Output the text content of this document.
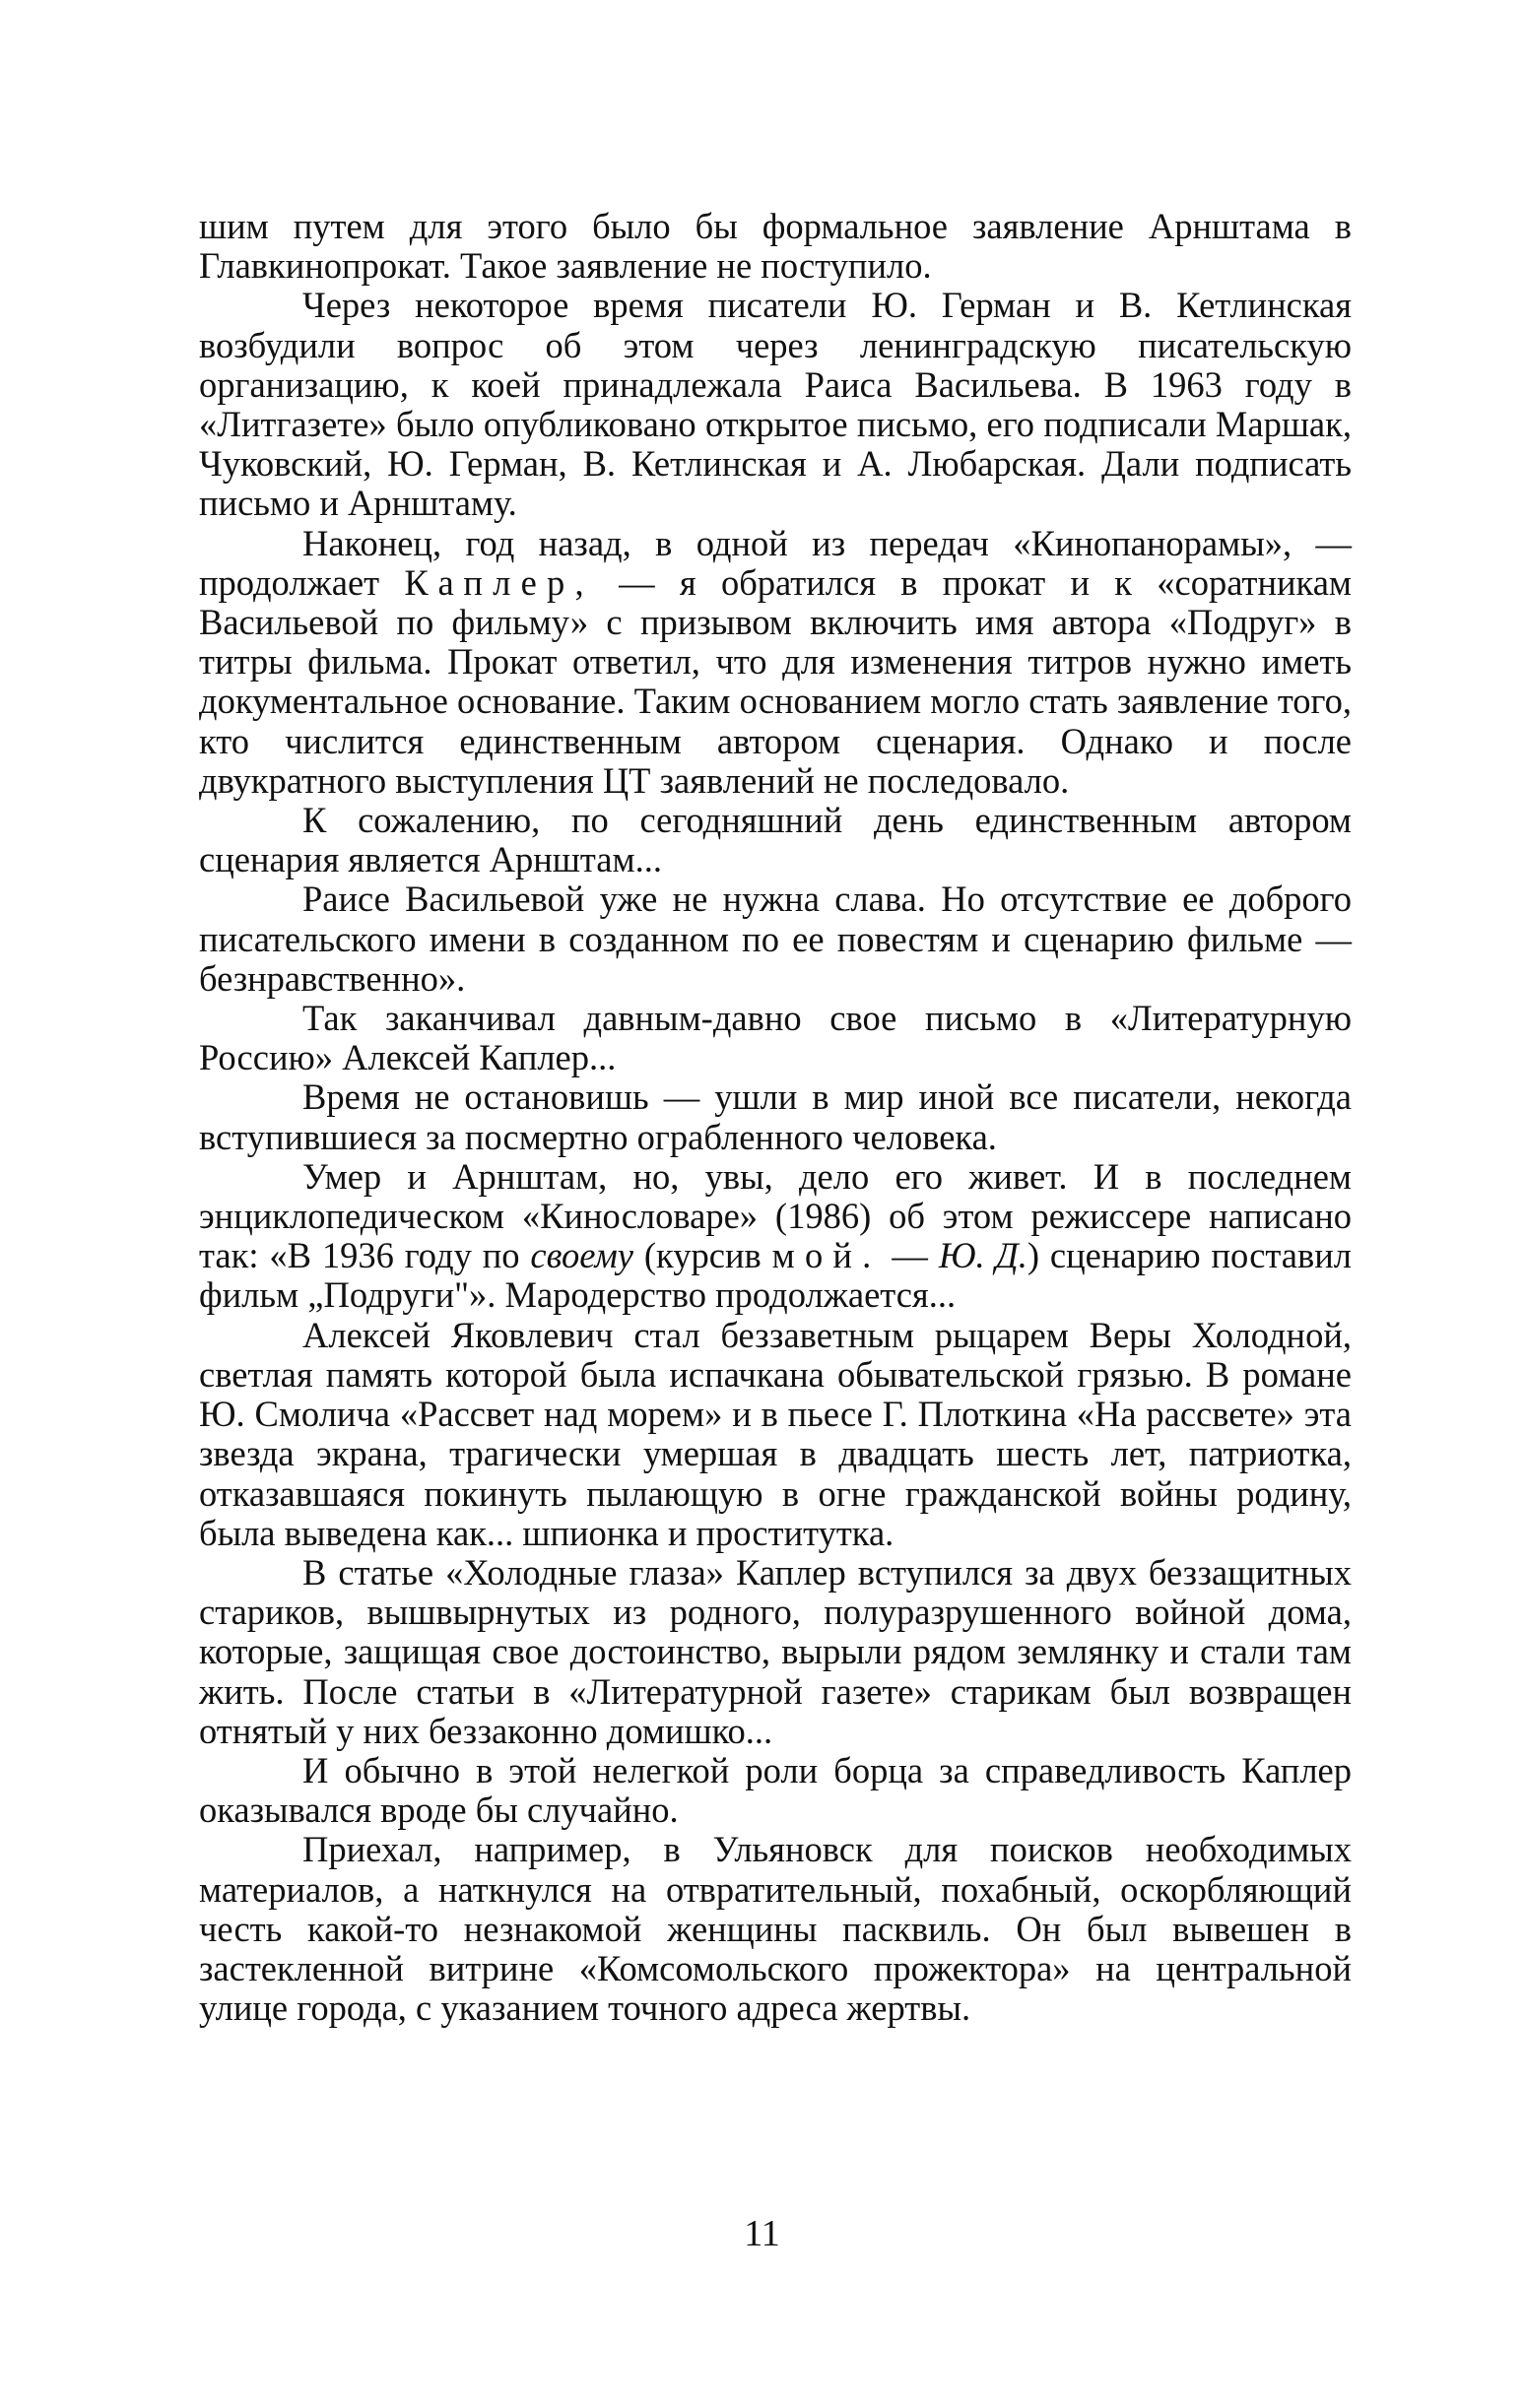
шим путем для этого было бы формальное заявление Арнштама в Главкинопрокат. Такое заявление не поступило.

Через некоторое время писатели Ю. Герман и В. Кетлинская возбудили вопрос об этом через ленинградскую писательскую организацию, к коей принадлежала Раиса Васильева. В 1963 году в «Литгазете» было опубликовано открытое письмо, его подписали Маршак, Чуковский, Ю. Герман, В. Кетлинская и А. Любарская. Дали подписать письмо и Арнштаму.

Наконец, год назад, в одной из передач «Кинопанорамы», — продолжает Каплер, — я обратился в прокат и к «соратникам Васильевой по фильму» с призывом включить имя автора «Подруг» в титры фильма. Прокат ответил, что для изменения титров нужно иметь документальное основание. Таким основанием могло стать заявление того, кто числится единственным автором сценария. Однако и после двукратного выступления ЦТ заявлений не последовало.

К сожалению, по сегодняшний день единственным автором сценария является Арнштам...

Раисе Васильевой уже не нужна слава. Но отсутствие ее доброго писательского имени в созданном по ее повестям и сценарию фильме — безнравственно».

Так заканчивал давным-давно свое письмо в «Литературную Россию» Алексей Каплер...

Время не остановишь — ушли в мир иной все писатели, некогда вступившиеся за посмертно ограбленного человека.

Умер и Арнштам, но, увы, дело его живет. И в последнем энциклопедическом «Кинословаре» (1986) об этом режиссере написано так: «В 1936 году по своему (курсив мой. — Ю. Д.) сценарию поставил фильм „Подруги"». Мародерство продолжается...

Алексей Яковлевич стал беззаветным рыцарем Веры Холодной, светлая память которой была испачкана обывательской грязью. В романе Ю. Смолича «Рассвет над морем» и в пьесе Г. Плоткина «На рассвете» эта звезда экрана, трагически умершая в двадцать шесть лет, патриотка, отказавшаяся покинуть пылающую в огне гражданской войны родину, была выведена как... шпионка и проститутка.

В статье «Холодные глаза» Каплер вступился за двух беззащитных стариков, вышвырнутых из родного, полуразрушенного войной дома, которые, защищая свое достоинство, вырыли рядом землянку и стали там жить. После статьи в «Литературной газете» старикам был возвращен отнятый у них беззаконно домишко...

И обычно в этой нелегкой роли борца за справедливость Каплер оказывался вроде бы случайно.

Приехал, например, в Ульяновск для поисков необходимых материалов, а наткнулся на отвратительный, похабный, оскорбляющий честь какой-то незнакомой женщины пасквиль. Он был вывешен в застекленной витрине «Комсомольского прожектора» на центральной улице города, с указанием точного адреса жертвы.

11
